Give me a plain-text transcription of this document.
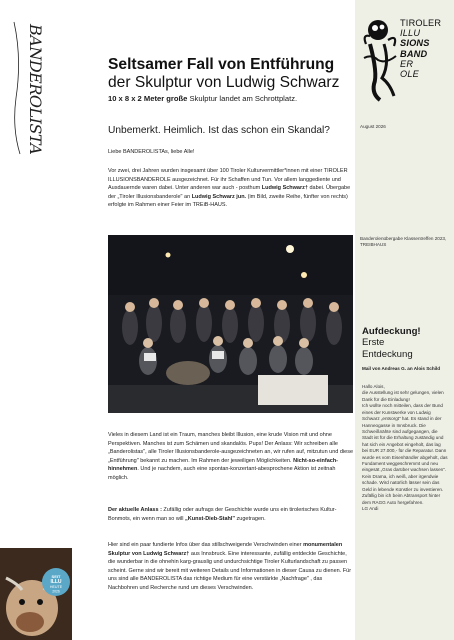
BANDEROLISTA
SEIT
ILLU
HEUTE
2026
TIROLER
ILLU
SIONS
BAND
ER
OLE
August 2026
Seltsamer Fall von Entführung der Skulptur von Ludwig Schwarz
10 x 8 x 2 Meter große Skulptur landet am Schrottplatz.
Unbemerkt. Heimlich. Ist das schon ein Skandal?
Liebe BANDEROLISTAs, liebe Alle!
Vor zwei, drei Jahren wurden insgesamt über 100 Tiroler Kulturvermittler*innen mit einer TIROLER ILLUSIONSBANDEROLE ausgezeichnet. Für ihr Schaffen und Tun. Vor allem langgediente und Ausdauernde waren dabei. Unter anderen war auch - posthum Ludwig Schwarz† dabei. Übergabe der „Tiroler Illusionsbanderole" an Ludwig Schwarz jun. (im Bild, zweite Reihe, fünfter von rechts) erfolgte im Rahmen einer Feier im TREiB-HAUS.
Banderolenübergabe Klassentreffen 2023, TREIBHAUS
Vieles in diesem Land ist ein Traum, manches bleibt Illusion, eine krude Vision mit und ohne Perspektiven. Manches ist zum Schämen und skandalös. Pups! Der Anlass: Wir schreiben alle „Banderolistas", alle Tiroler Illusionsbanderole-ausgezeichneten an, wir rufen auf, mitzutun und diese „Entführung" bekannt zu machen. Im Rahmen der jeweiligen Möglichkeiten. Nicht-so-einfach-hinnehmen. Und je nachdem, auch eine spontan-konzertant-abesprochene Aktion ist zeitnah möglich.
Der aktuelle Anlass : Zufällig oder aufrags der Geschichte wurde uns ein tirolerisches Kultur-Bonmots, ein wenn man so will „Kunst-Dieb-Stahl" zugetragen.
Hier sind ein paar fundierte Infos über das stillschweigende Verschwinden einer monumentalen Skulptur von Ludwig Schwarz† aus Innsbruck. Eine interessante, zufällig entdeckte Geschichte, die wunderbar in die ohnehin karg-grauslig und undurchsichtige Tiroler Kulturlandschaft zu passen scheint. Gerne sind wir bereit mit weiteren Details und Informationen in dieser Causa zu dienen. Für uns sind alle BANDEROLISTA das richtige Medium für eine verstärkte „Nachfrage" , das Nachbohren und Recherche rund um dieses Verschwinden.
Aufdeckung!
Erste
Entdeckung
Mail von Andreas G. an Alois Schild
Hallo Alois,
die Ausstellung ist sehr gelungen, vielen Dank für die Einladung!
Ich wollte noch mitteilen, dass der Bund eines der Kunstwerke von Ludwig Schwarz „entsorgt" hat. Es stand in der Hanneogasse in Innsbruck. Die Schweißnähte sind aufgegangen, die Stadt ist für die Erhaltung zuständig und hat sich ein Angebot eingeholt, das lag bei EUR 27.000,- für die Reparatur. Dann wurde es vom Eisenhändler abgeholt, das Fundament weggeschremmt und neu eingesät „Gras darüber wachsen lassen". Kein Drama, ich weiß, aber irgendwie schade. Wird natürlich lässer sein das Geld in lebende Künstler zu investieren.
Zufällig bin ich beim Abtransport hinter dem RAGG Auto hergefahren.
LG Andi
